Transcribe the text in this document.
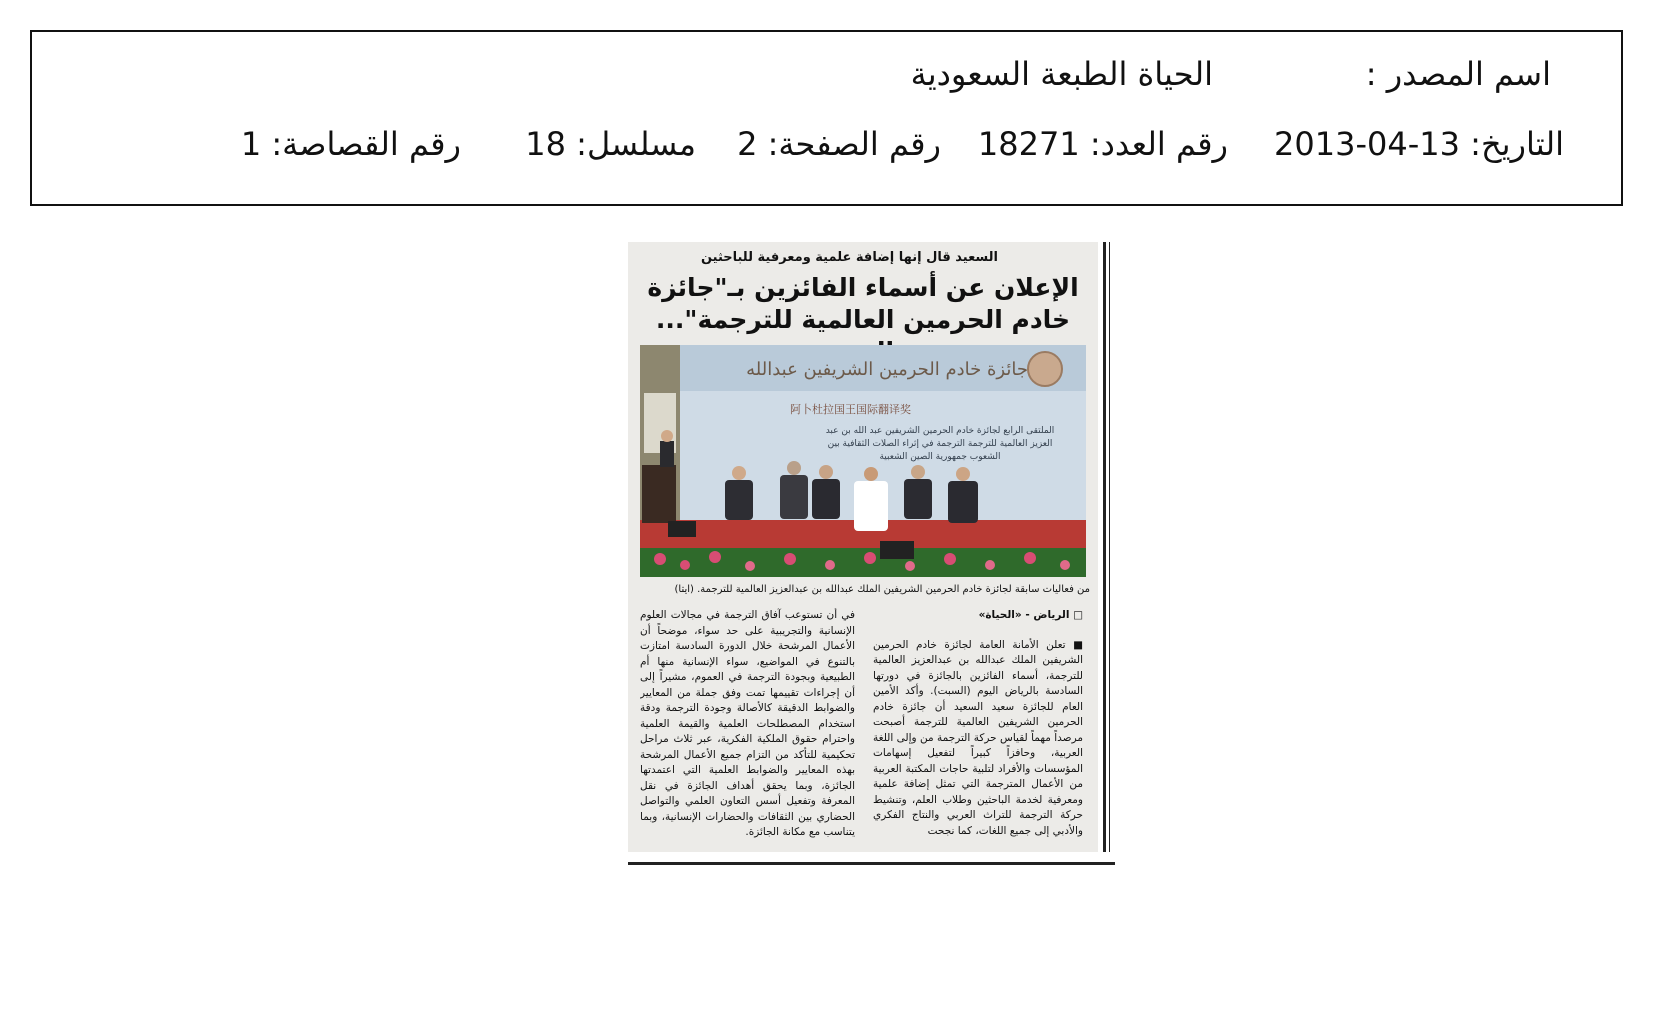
اسم المصدر :
الحياة الطبعة السعودية
التاريخ: 13-04-2013
رقم العدد: 18271
رقم الصفحة: 2
مسلسل: 18
رقم القصاصة: 1
السعيد قال إنها إضافة علمية ومعرفية للباحثين
الإعلان عن أسماء الفائزين بـ"جائزة خادم الحرمين العالمية للترجمة"...
جائزة خادم الحرمين الشريفين عبدالله
阿卜杜拉国王国际翻译奖
الملتقى الرابع لجائزة خادم الحرمين الشريفين عبد الله بن عبد العزيز العالمية للترجمة الترجمة في إثراء الصلات الثقافية بين الشعوب جمهورية الصين الشعبية
من فعاليات سابقة لجائزة خادم الحرمين الشريفين الملك عبدالله بن عبدالعزيز العالمية للترجمة. (ايتا)
□ الرياض - «الحياة»
■ تعلن الأمانة العامة لجائزة خادم الحرمين الشريفين الملك عبدالله بن عبدالعزيز العالمية للترجمة، أسماء الفائزين بالجائزة في دورتها السادسة بالرياض اليوم (السبت). وأكد الأمين العام للجائزة سعيد السعيد أن جائزة خادم الحرمين الشريفين العالمية للترجمة أصبحت مرصداً مهماً لقياس حركة الترجمة من وإلى اللغة العربية، وحافزاً كبيراً لتفعيل إسهامات المؤسسات والأفراد لتلبية حاجات المكتبة العربية من الأعمال المترجمة التي تمثل إضافة علمية ومعرفية لخدمة الباحثين وطلاب العلم، وتنشيط حركة الترجمة للتراث العربي والنتاج الفكري والأدبي إلى جميع اللغات، كما نجحت
في أن تستوعب آفاق الترجمة في مجالات العلوم الإنسانية والتجريبية على حد سواء، موضحاً أن الأعمال المرشحة خلال الدورة السادسة امتازت بالتنوع في المواضيع، سواء الإنسانية منها أم الطبيعية وبجودة الترجمة في العموم، مشيراً إلى أن إجراءات تقييمها تمت وفق جملة من المعايير والضوابط الدقيقة كالأصالة وجودة الترجمة ودقة استخدام المصطلحات العلمية والقيمة العلمية واحترام حقوق الملكية الفكرية، عبر ثلاث مراحل تحكيمية للتأكد من التزام جميع الأعمال المرشحة بهذه المعايير والضوابط العلمية التي اعتمدتها الجائزة، وبما يحقق أهداف الجائزة في نقل المعرفة وتفعيل أسس التعاون العلمي والتواصل الحضاري بين الثقافات والحضارات الإنسانية، وبما يتناسب مع مكانة الجائزة.
